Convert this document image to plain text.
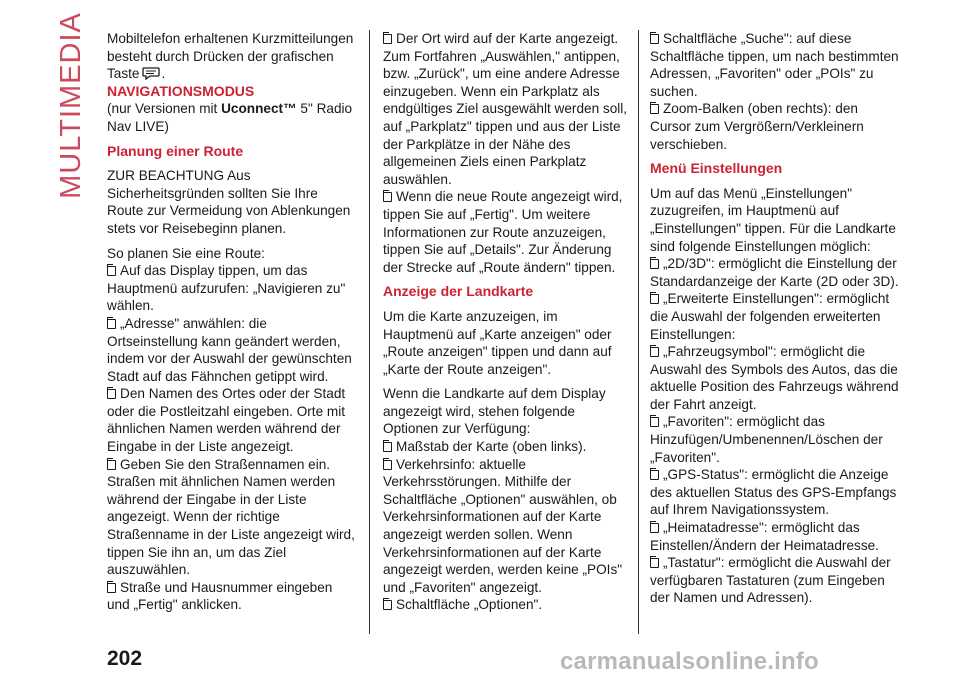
MULTIMEDIA Mobiltelefon erhaltenen Kurzmitteilungen besteht durch Drücken der grafischen Taste .

NAVIGATIONSMODUS

(nur Versionen mit Uconnect™ 5" Radio Nav LIVE)

Planung einer Route

ZUR BEACHTUNG Aus Sicherheitsgründen sollten Sie Ihre Route zur Vermeidung von Ablenkungen stets vor Reisebeginn planen.

So planen Sie eine Route:

Auf das Display tippen, um das Hauptmenü aufzurufen: „Navigieren zu" wählen.

„Adresse" anwählen: die Ortseinstellung kann geändert werden, indem vor der Auswahl der gewünschten Stadt auf das Fähnchen getippt wird.

Den Namen des Ortes oder der Stadt oder die Postleitzahl eingeben. Orte mit ähnlichen Namen werden während der Eingabe in der Liste angezeigt.

Geben Sie den Straßennamen ein. Straßen mit ähnlichen Namen werden während der Eingabe in der Liste angezeigt. Wenn der richtige Straßenname in der Liste angezeigt wird, tippen Sie ihn an, um das Ziel auszuwählen.

Straße und Hausnummer eingeben und „Fertig" anklicken.

Der Ort wird auf der Karte angezeigt. Zum Fortfahren „Auswählen," antippen, bzw. „Zurück", um eine andere Adresse einzugeben. Wenn ein Parkplatz als endgültiges Ziel ausgewählt werden soll, auf „Parkplatz" tippen und aus der Liste der Parkplätze in der Nähe des allgemeinen Ziels einen Parkplatz auswählen.

Wenn die neue Route angezeigt wird, tippen Sie auf „Fertig". Um weitere Informationen zur Route anzuzeigen, tippen Sie auf „Details". Zur Änderung der Strecke auf „Route ändern" tippen.

Anzeige der Landkarte

Um die Karte anzuzeigen, im Hauptmenü auf „Karte anzeigen" oder „Route anzeigen" tippen und dann auf „Karte der Route anzeigen".

Wenn die Landkarte auf dem Display angezeigt wird, stehen folgende Optionen zur Verfügung:

Maßstab der Karte (oben links).

Verkehrsinfo: aktuelle Verkehrsstörungen. Mithilfe der Schaltfläche „Optionen" auswählen, ob Verkehrsinformationen auf der Karte angezeigt werden sollen. Wenn Verkehrsinformationen auf der Karte angezeigt werden, werden keine „POIs" und „Favoriten" angezeigt.

Schaltfläche „Optionen".

Schaltfläche „Suche": auf diese Schaltfläche tippen, um nach bestimmten Adressen, „Favoriten" oder „POIs" zu suchen.

Zoom-Balken (oben rechts): den Cursor zum Vergrößern/Verkleinern verschieben.

Menü Einstellungen

Um auf das Menü „Einstellungen" zuzugreifen, im Hauptmenü auf „Einstellungen" tippen. Für die Landkarte sind folgende Einstellungen möglich:

„2D/3D": ermöglicht die Einstellung der Standardanzeige der Karte (2D oder 3D).

„Erweiterte Einstellungen": ermöglicht die Auswahl der folgenden erweiterten Einstellungen:

„Fahrzeugsymbol": ermöglicht die Auswahl des Symbols des Autos, das die aktuelle Position des Fahrzeugs während der Fahrt anzeigt.

„Favoriten": ermöglicht das Hinzufügen/Umbenennen/Löschen der „Favoriten".

„GPS-Status": ermöglicht die Anzeige des aktuellen Status des GPS-Empfangs auf Ihrem Navigationssystem.

„Heimatadresse": ermöglicht das Einstellen/Ändern der Heimatadresse.

„Tastatur": ermöglicht die Auswahl der verfügbaren Tastaturen (zum Eingeben der Namen und Adressen).

202	carmanualsonline.info
